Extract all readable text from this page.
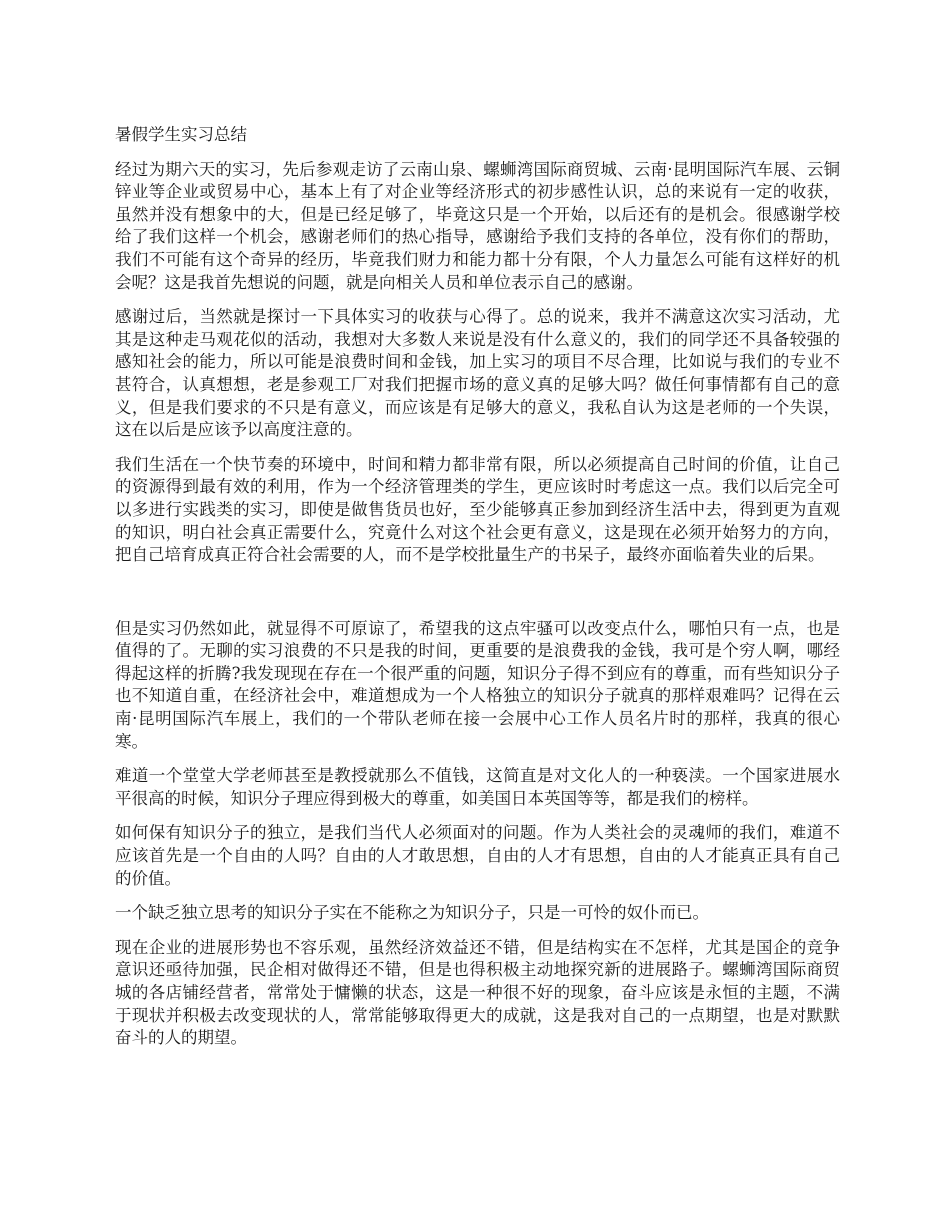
暑假学生实习总结

经过为期六天的实习，先后参观走访了云南山泉、螺蛳湾国际商贸城、云南·昆明国际汽车展、云铜锌业等企业或贸易中心，基本上有了对企业等经济形式的初步感性认识，总的来说有一定的收获，虽然并没有想象中的大，但是已经足够了，毕竟这只是一个开始，以后还有的是机会。很感谢学校给了我们这样一个机会，感谢老师们的热心指导，感谢给予我们支持的各单位，没有你们的帮助，我们不可能有这个奇异的经历，毕竟我们财力和能力都十分有限，个人力量怎么可能有这样好的机会呢？这是我首先想说的问题，就是向相关人员和单位表示自己的感谢。

感谢过后，当然就是探讨一下具体实习的收获与心得了。总的说来，我并不满意这次实习活动，尤其是这种走马观花似的活动，我想对大多数人来说是没有什么意义的，我们的同学还不具备较强的感知社会的能力，所以可能是浪费时间和金钱，加上实习的项目不尽合理，比如说与我们的专业不甚符合，认真想想，老是参观工厂对我们把握市场的意义真的足够大吗？做任何事情都有自己的意义，但是我们要求的不只是有意义，而应该是有足够大的意义，我私自认为这是老师的一个失误，这在以后是应该予以高度注意的。

我们生活在一个快节奏的环境中，时间和精力都非常有限，所以必须提高自己时间的价值，让自己的资源得到最有效的利用，作为一个经济管理类的学生，更应该时时考虑这一点。我们以后完全可以多进行实践类的实习，即使是做售货员也好，至少能够真正参加到经济生活中去，得到更为直观的知识，明白社会真正需要什么，究竟什么对这个社会更有意义，这是现在必须开始努力的方向，把自己培育成真正符合社会需要的人，而不是学校批量生产的书呆子，最终亦面临着失业的后果。

但是实习仍然如此，就显得不可原谅了，希望我的这点牢骚可以改变点什么，哪怕只有一点，也是值得的了。无聊的实习浪费的不只是我的时间，更重要的是浪费我的金钱，我可是个穷人啊，哪经得起这样的折腾?我发现现在存在一个很严重的问题，知识分子得不到应有的尊重，而有些知识分子也不知道自重，在经济社会中，难道想成为一个人格独立的知识分子就真的那样艰难吗？记得在云南·昆明国际汽车展上，我们的一个带队老师在接一会展中心工作人员名片时的那样，我真的很心寒。

难道一个堂堂大学老师甚至是教授就那么不值钱，这简直是对文化人的一种亵渎。一个国家进展水平很高的时候，知识分子理应得到极大的尊重，如美国日本英国等等，都是我们的榜样。

如何保有知识分子的独立，是我们当代人必须面对的问题。作为人类社会的灵魂师的我们，难道不应该首先是一个自由的人吗？自由的人才敢思想，自由的人才有思想，自由的人才能真正具有自己的价值。

一个缺乏独立思考的知识分子实在不能称之为知识分子，只是一可怜的奴仆而已。

现在企业的进展形势也不容乐观，虽然经济效益还不错，但是结构实在不怎样，尤其是国企的竞争意识还亟待加强，民企相对做得还不错，但是也得积极主动地探究新的进展路子。螺蛳湾国际商贸城的各店铺经营者，常常处于慵懒的状态，这是一种很不好的现象，奋斗应该是永恒的主题，不满于现状并积极去改变现状的人，常常能够取得更大的成就，这是我对自己的一点期望，也是对默默奋斗的人的期望。
